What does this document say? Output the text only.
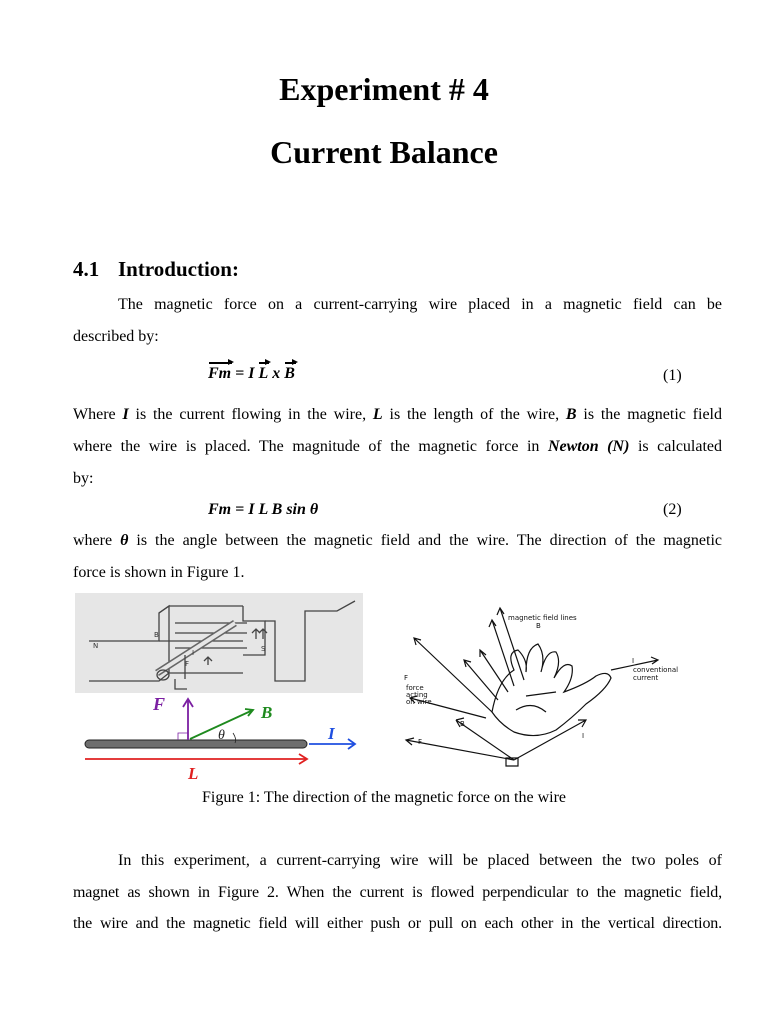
Experiment # 4
Current Balance
4.1 Introduction:
The magnetic force on a current-carrying wire placed in a magnetic field can be
described by:
Fm = I L x B	(1)
Where I is the current flowing in the wire, L is the length of the wire, B is the magnetic field
where the wire is placed. The magnitude of the magnetic force in Newton (N) is calculated
by:
Fm = I L B sin θ	(2)
where θ is the angle between the magnetic field and the wire. The direction of the magnetic
force is shown in Figure 1.
N	S
B
I
F
F	B
θ	I
L
magnetic field lines
B
conventional
current
I
force
acting
on wire
F
B
F
I
Figure 1: The direction of the magnetic force on the wire
In this experiment, a current-carrying wire will be placed between the two poles of
magnet as shown in Figure 2. When the current is flowed perpendicular to the magnetic field,
the wire and the magnetic field will either push or pull on each other in the vertical direction.
